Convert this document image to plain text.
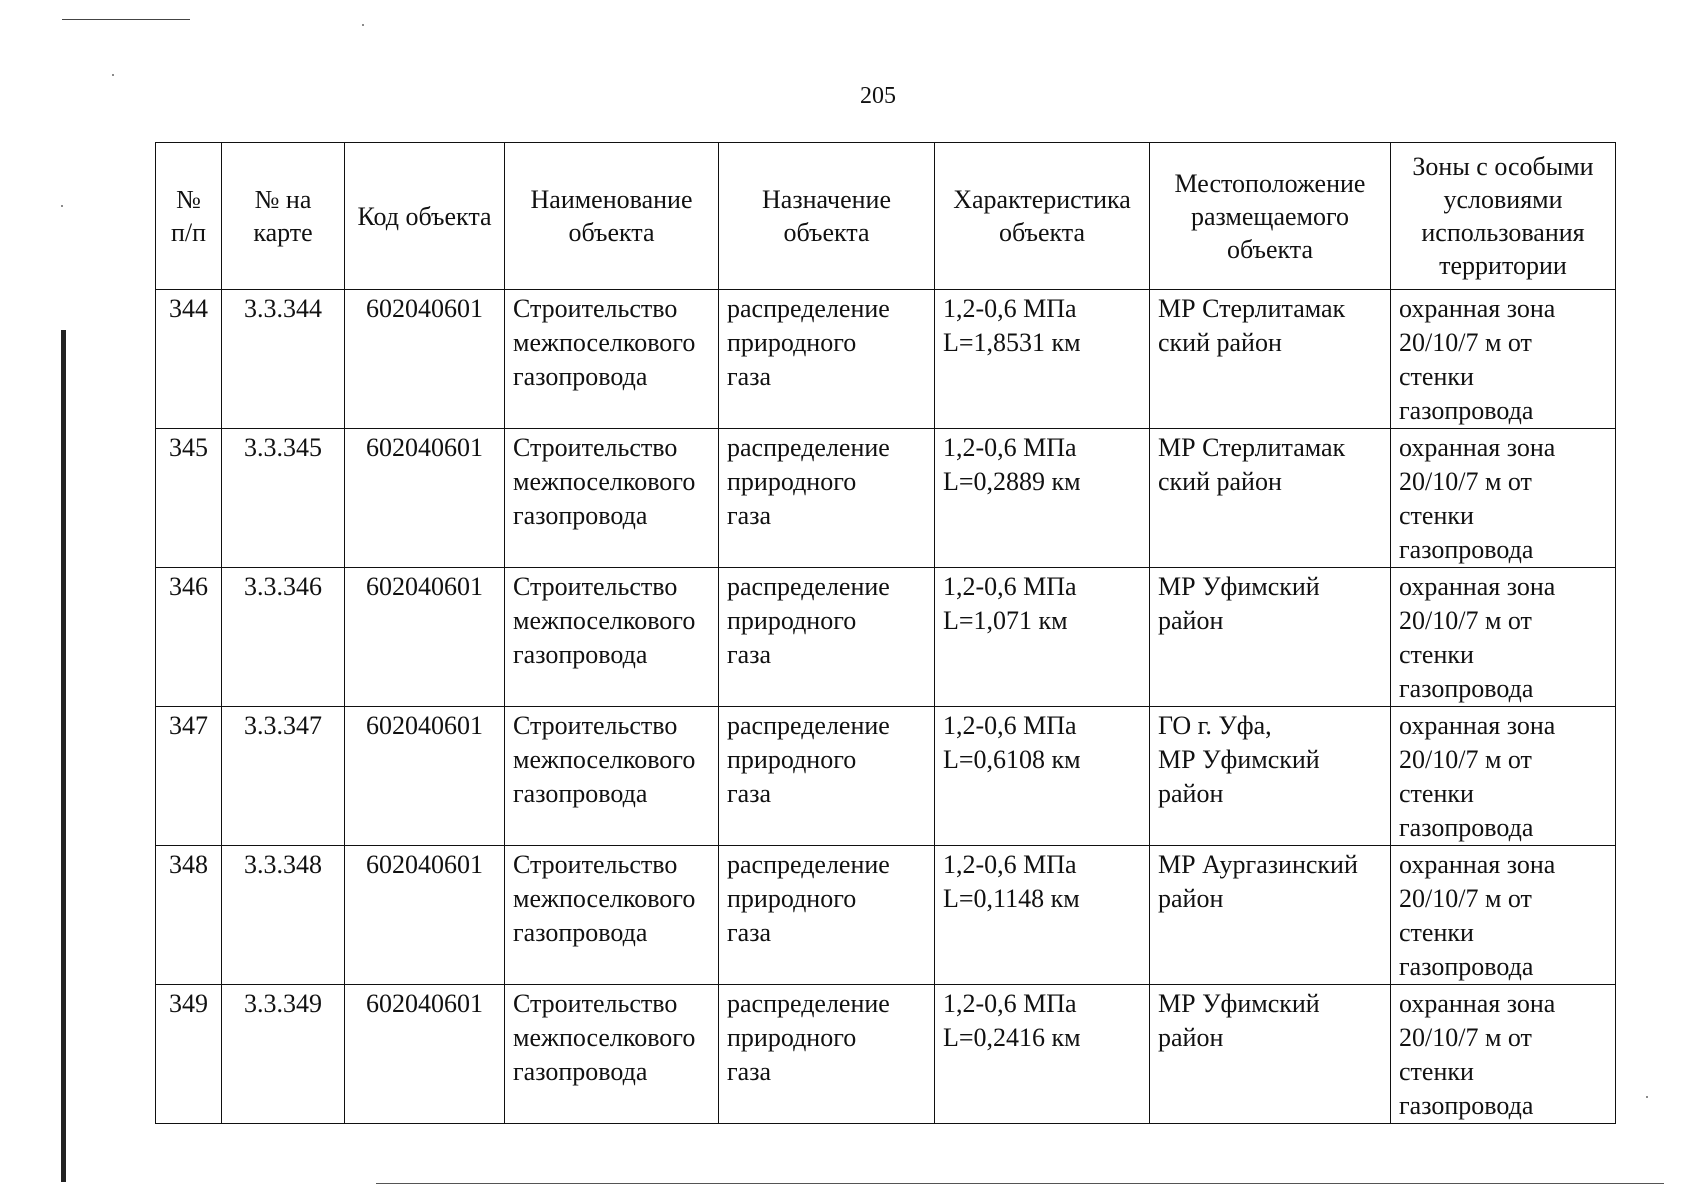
205
№
п/п	№ на
карте	Код объекта	Наименование
объекта	Назначение
объекта	Характеристика
объекта	Местоположение
размещаемого
объекта	Зоны с особыми
условиями
использования
территории

344	3.3.344	602040601	Строительство
межпоселкового
газопровода	распределение
природного
газа	1,2-0,6 МПа
L=1,8531 км	МР Стерлитамак
ский район	охранная зона
20/10/7 м от
стенки
газопровода

345	3.3.345	602040601	Строительство
межпоселкового
газопровода	распределение
природного
газа	1,2-0,6 МПа
L=0,2889 км	МР Стерлитамак
ский район	охранная зона
20/10/7 м от
стенки
газопровода

346	3.3.346	602040601	Строительство
межпоселкового
газопровода	распределение
природного
газа	1,2-0,6 МПа
L=1,071 км	МР Уфимский
район	охранная зона
20/10/7 м от
стенки
газопровода

347	3.3.347	602040601	Строительство
межпоселкового
газопровода	распределение
природного
газа	1,2-0,6 МПа
L=0,6108 км	ГО г. Уфа,
МР Уфимский
район	охранная зона
20/10/7 м от
стенки
газопровода

348	3.3.348	602040601	Строительство
межпоселкового
газопровода	распределение
природного
газа	1,2-0,6 МПа
L=0,1148 км	МР Аургазинский
район	охранная зона
20/10/7 м от
стенки
газопровода

349	3.3.349	602040601	Строительство
межпоселкового
газопровода	распределение
природного
газа	1,2-0,6 МПа
L=0,2416 км	МР Уфимский
район	охранная зона
20/10/7 м от
стенки
газопровода
